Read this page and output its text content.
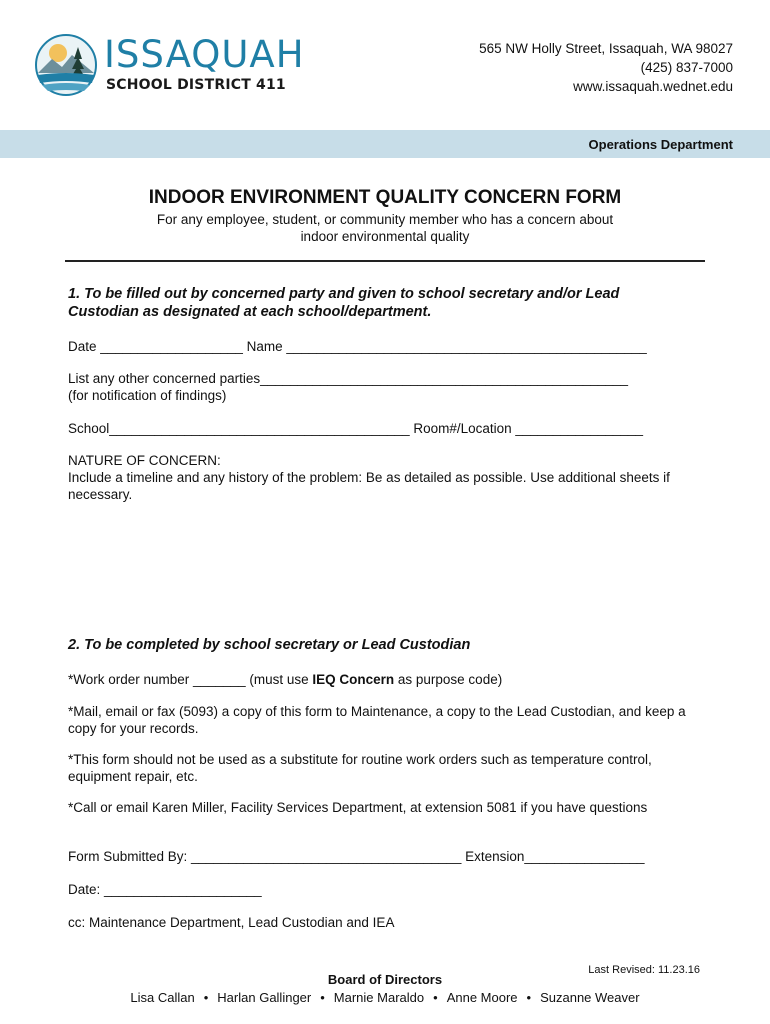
ISSAQUAH
SCHOOL DISTRICT 411
565 NW Holly Street, Issaquah, WA 98027
(425) 837-7000
www.issaquah.wednet.edu
Operations Department
INDOOR ENVIRONMENT QUALITY CONCERN FORM
For any employee, student, or community member who has a concern about
indoor environmental quality
1. To be filled out by concerned party and given to school secretary and/or Lead
Custodian as designated at each school/department.
Date ___________________ Name ________________________________________________
List any other concerned parties_________________________________________________
(for notification of findings)
School________________________________________ Room#/Location _________________
NATURE OF CONCERN:
Include a timeline and any history of the problem: Be as detailed as possible. Use additional sheets if necessary.
2. To be completed by school secretary or Lead Custodian
*Work order number _______ (must use IEQ Concern as purpose code)
*Mail, email or fax (5093) a copy of this form to Maintenance, a copy to the Lead Custodian, and keep a copy for your records.
*This form should not be used as a substitute for routine work orders such as temperature control, equipment repair, etc.
*Call or email Karen Miller, Facility Services Department, at extension 5081 if you have questions
Form Submitted By: ____________________________________ Extension________________
Date: _____________________
cc: Maintenance Department, Lead Custodian and IEA
Last Revised: 11.23.16
Board of Directors
Lisa Callan • Harlan Gallinger • Marnie Maraldo • Anne Moore • Suzanne Weaver
